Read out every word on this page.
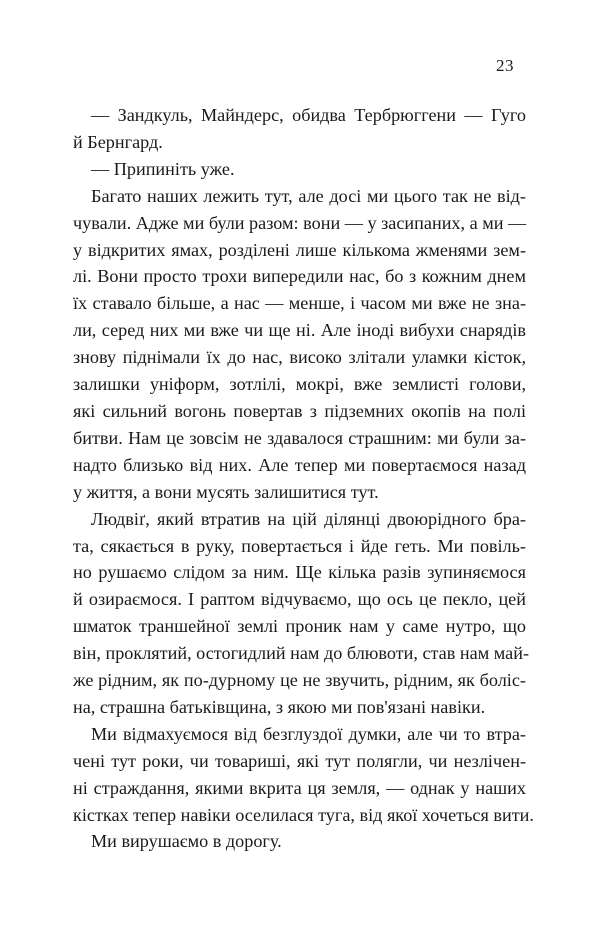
23
— Зандкуль, Майндерс, обидва Тербрюггени — Гуго
й Бернгард.
— Припиніть уже.
Багато наших лежить тут, але досі ми цього так не від-
чували. Адже ми були разом: вони — у засипаних, а ми —
у відкритих ямах, розділені лише кількома жменями зем-
лі. Вони просто трохи випередили нас, бо з кожним днем
їх ставало більше, а нас — менше, і часом ми вже не зна-
ли, серед них ми вже чи ще ні. Але іноді вибухи снарядів
знову піднімали їх до нас, високо злітали уламки кісток,
залишки уніформ, зотлілі, мокрі, вже землисті голови,
які сильний вогонь повертав з підземних окопів на полі
битви. Нам це зовсім не здавалося страшним: ми були за-
надто близько від них. Але тепер ми повертаємося назад
у життя, а вони мусять залишитися тут.
Людвіґ, який втратив на цій ділянці двоюрідного бра-
та, сякається в руку, повертається і йде геть. Ми повіль-
но рушаємо слідом за ним. Ще кілька разів зупиняємося
й озираємося. І раптом відчуваємо, що ось це пекло, цей
шматок траншейної землі проник нам у саме нутро, що
він, проклятий, остогидлий нам до блювоти, став нам май-
же рідним, як по-дурному це не звучить, рідним, як боліс-
на, страшна батьківщина, з якою ми пов'язані навіки.
Ми відмахуємося від безглуздої думки, але чи то втра-
чені тут роки, чи товариші, які тут полягли, чи незлічен-
ні страждання, якими вкрита ця земля, — однак у наших
кістках тепер навіки оселилася туга, від якої хочеться вити.
Ми вирушаємо в дорогу.
